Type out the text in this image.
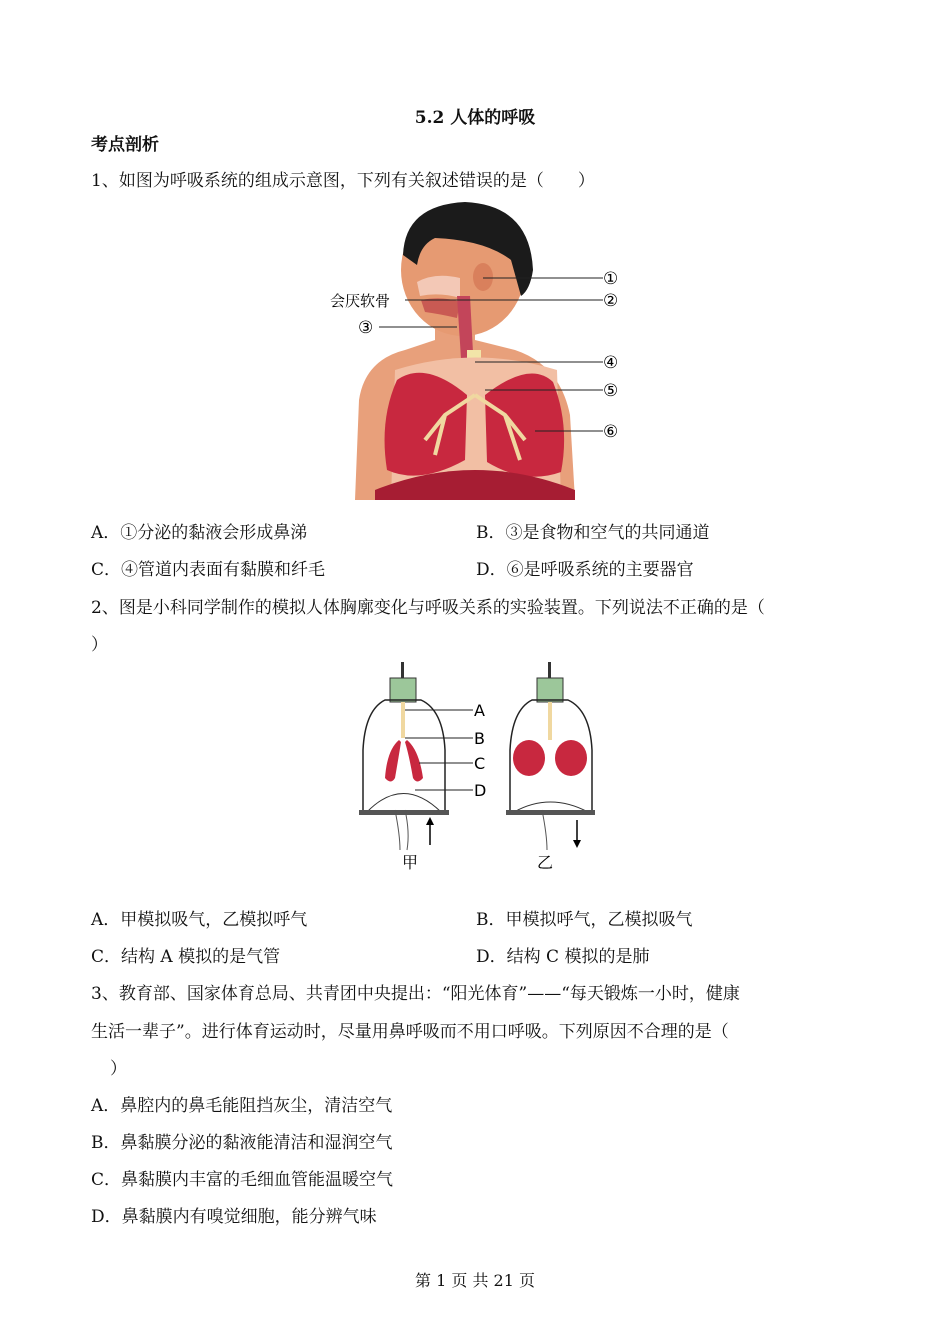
5.2 人体的呼吸
考点剖析
1、如图为呼吸系统的组成示意图，下列有关叙述错误的是（　　）
①
②
③
④
⑤
⑥
会厌软骨
A．①分泌的黏液会形成鼻涕	B．③是食物和空气的共同通道
C．④管道内表面有黏膜和纤毛	D．⑥是呼吸系统的主要器官
2、图是小科同学制作的模拟人体胸廓变化与呼吸关系的实验装置。下列说法不正确的是（
）
A
B
C
D
甲	乙
A．甲模拟吸气，乙模拟呼气	B．甲模拟呼气，乙模拟吸气
C．结构 A 模拟的是气管	D．结构 C 模拟的是肺
3、教育部、国家体育总局、共青团中央提出：“阳光体育”——“每天锻炼一小时，健康
生活一辈子”。进行体育运动时，尽量用鼻呼吸而不用口呼吸。下列原因不合理的是（
）
A．鼻腔内的鼻毛能阻挡灰尘，清洁空气
B．鼻黏膜分泌的黏液能清洁和湿润空气
C．鼻黏膜内丰富的毛细血管能温暖空气
D．鼻黏膜内有嗅觉细胞，能分辨气味
第 1 页 共 21 页
